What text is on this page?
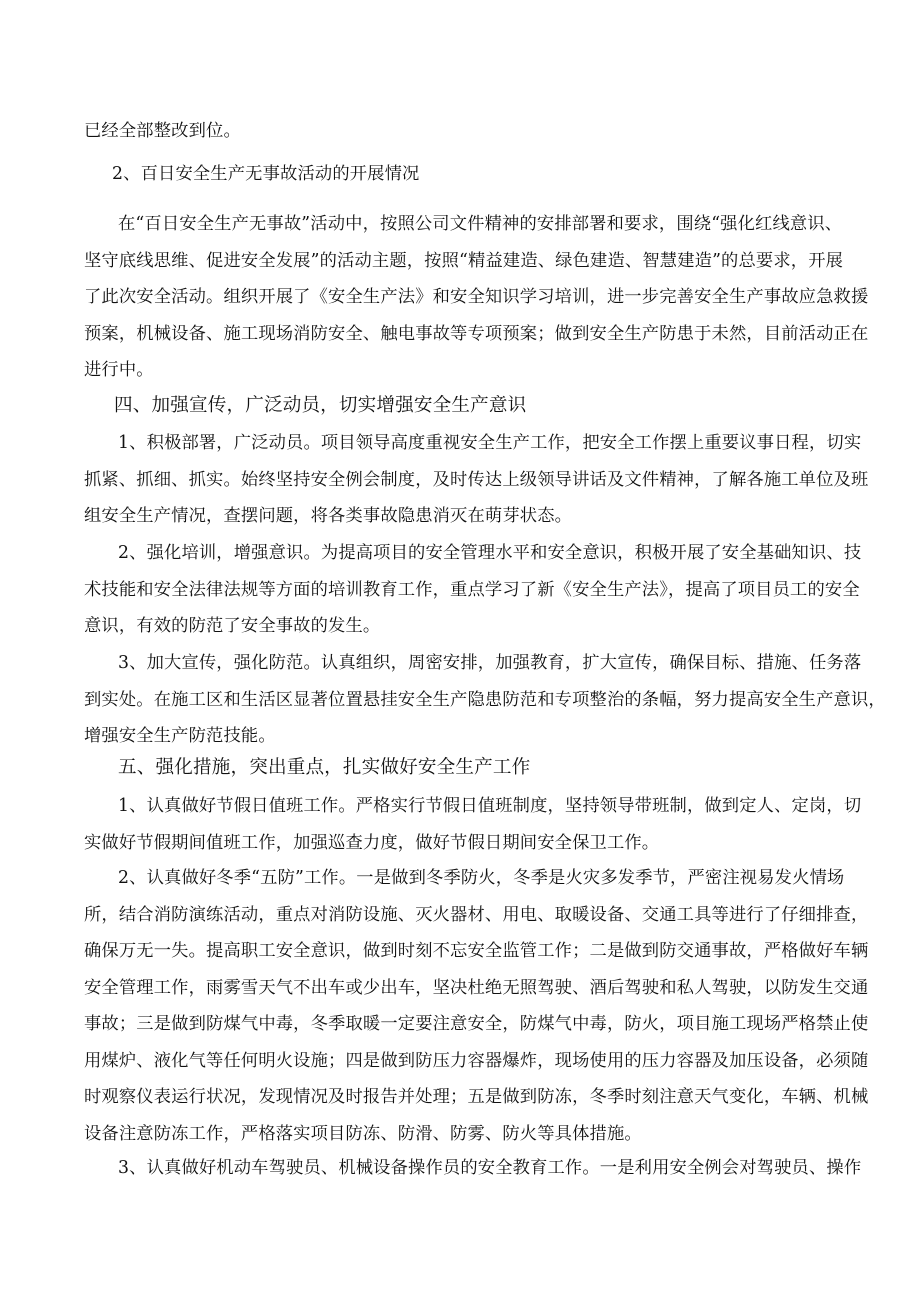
已经全部整改到位。
2、百日安全生产无事故活动的开展情况
在“百日安全生产无事故”活动中，按照公司文件精神的安排部署和要求，围绕“强化红线意识、
坚守底线思维、促进安全发展”的活动主题，按照“精益建造、绿色建造、智慧建造”的总要求，开展
了此次安全活动。组织开展了《安全生产法》和安全知识学习培训，进一步完善安全生产事故应急救援
预案，机械设备、施工现场消防安全、触电事故等专项预案；做到安全生产防患于未然，目前活动正在
进行中。
四、加强宣传，广泛动员，切实增强安全生产意识
1、积极部署，广泛动员。项目领导高度重视安全生产工作，把安全工作摆上重要议事日程，切实
抓紧、抓细、抓实。始终坚持安全例会制度，及时传达上级领导讲话及文件精神，了解各施工单位及班
组安全生产情况，查摆问题，将各类事故隐患消灭在萌芽状态。
2、强化培训，增强意识。为提高项目的安全管理水平和安全意识，积极开展了安全基础知识、技
术技能和安全法律法规等方面的培训教育工作，重点学习了新《安全生产法》，提高了项目员工的安全
意识，有效的防范了安全事故的发生。
3、加大宣传，强化防范。认真组织，周密安排，加强教育，扩大宣传，确保目标、措施、任务落
到实处。在施工区和生活区显著位置悬挂安全生产隐患防范和专项整治的条幅，努力提高安全生产意识，
增强安全生产防范技能。
五、强化措施，突出重点，扎实做好安全生产工作
1、认真做好节假日值班工作。严格实行节假日值班制度，坚持领导带班制，做到定人、定岗，切
实做好节假期间值班工作，加强巡查力度，做好节假日期间安全保卫工作。
2、认真做好冬季“五防”工作。一是做到冬季防火，冬季是火灾多发季节，严密注视易发火情场
所，结合消防演练活动，重点对消防设施、灭火器材、用电、取暖设备、交通工具等进行了仔细排查，
确保万无一失。提高职工安全意识，做到时刻不忘安全监管工作；二是做到防交通事故，严格做好车辆
安全管理工作，雨雾雪天气不出车或少出车，坚决杜绝无照驾驶、酒后驾驶和私人驾驶，以防发生交通
事故；三是做到防煤气中毒，冬季取暖一定要注意安全，防煤气中毒，防火，项目施工现场严格禁止使
用煤炉、液化气等任何明火设施；四是做到防压力容器爆炸，现场使用的压力容器及加压设备，必须随
时观察仪表运行状况，发现情况及时报告并处理；五是做到防冻，冬季时刻注意天气变化，车辆、机械
设备注意防冻工作，严格落实项目防冻、防滑、防雾、防火等具体措施。
3、认真做好机动车驾驶员、机械设备操作员的安全教育工作。一是利用安全例会对驾驶员、操作
